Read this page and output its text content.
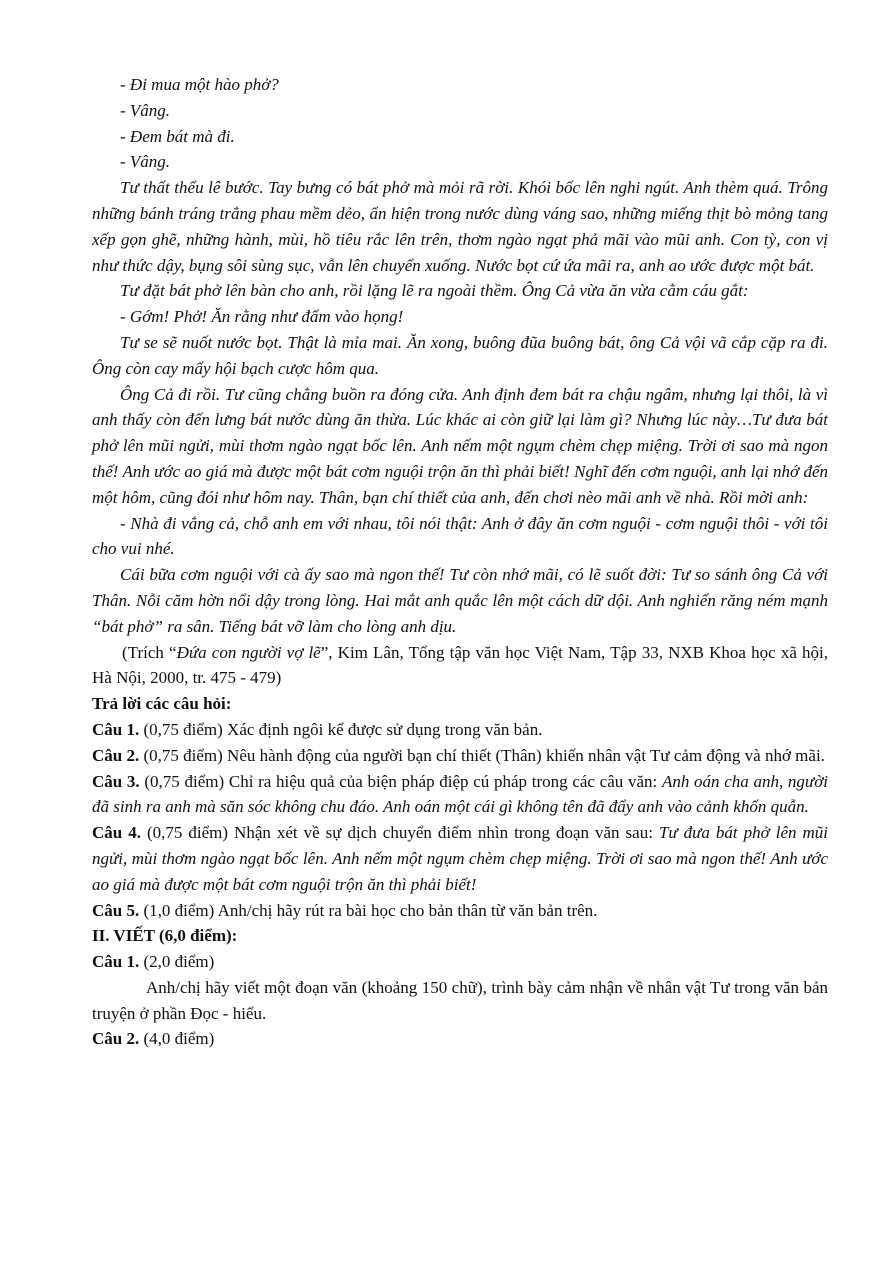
- Đi mua một hào phở?

- Vâng.

- Đem bát mà đi.

- Vâng.

Tư thất thểu lê bước. Tay bưng có bát phở mà mỏi rã rời. Khói bốc lên nghi ngút. Anh thèm quá. Trông những bánh tráng trắng phau mềm dẻo, ẩn hiện trong nước dùng váng sao, những miếng thịt bò mỏng tang xếp gọn ghẽ, những hành, mùi, hồ tiêu rắc lên trên, thơm ngào ngạt phả mãi vào mũi anh. Con tỳ, con vị như thức dậy, bụng sôi sùng sục, vẫn lên chuyển xuống. Nước bọt cứ ứa mãi ra, anh ao ước được một bát.

Tư đặt bát phở lên bàn cho anh, rồi lặng lẽ ra ngoài thềm. Ông Cả vừa ăn vừa cằm cáu gắt:

- Gớm! Phở! Ăn rằng như đấm vào họng!

Tư se sẽ nuốt nước bọt. Thật là mỉa mai. Ăn xong, buông đũa buông bát, ông Cả vội vã cắp cặp ra đi. Ông còn cay mấy hội bạch cược hôm qua.

Ông Cả đi rồi. Tư cũng chẳng buồn ra đóng cửa. Anh định đem bát ra chậu ngâm, nhưng lại thôi, là vì anh thấy còn đến lưng bát nước dùng ăn thừa. Lúc khác ai còn giữ lại làm gì? Nhưng lúc này…Tư đưa bát phở lên mũi ngửi, mùi thơm ngào ngạt bốc lên. Anh nếm một ngụm chèm chẹp miệng. Trời ơi sao mà ngon thế! Anh ước ao giá mà được một bát cơm nguội trộn ăn thì phải biết! Nghĩ đến cơm nguội, anh lại nhớ đến một hôm, cũng đói như hôm nay. Thân, bạn chí thiết của anh, đến chơi nèo mãi anh về nhà. Rồi mời anh:

- Nhà đi vắng cả, chỗ anh em với nhau, tôi nói thật: Anh ở đây ăn cơm nguội - cơm nguội thôi - với tôi cho vui nhé.

Cái bữa cơm nguội với cà ấy sao mà ngon thế! Tư còn nhớ mãi, có lẽ suốt đời: Tư so sánh ông Cả với Thân. Nỗi căm hờn nổi dậy trong lòng. Hai mắt anh quắc lên một cách dữ dội. Anh nghiến răng ném mạnh “bát phở” ra sân. Tiếng bát vỡ làm cho lòng anh dịu.

(Trích “Đứa con người vợ lẽ”, Kim Lân, Tổng tập văn học Việt Nam, Tập 33, NXB Khoa học xã hội, Hà Nội, 2000, tr. 475 - 479)

Trả lời các câu hỏi:

Câu 1. (0,75 điểm) Xác định ngôi kể được sử dụng trong văn bản.

Câu 2. (0,75 điểm) Nêu hành động của người bạn chí thiết (Thân) khiến nhân vật Tư cảm động và nhớ mãi.

Câu 3. (0,75 điểm) Chỉ ra hiệu quả của biện pháp điệp cú pháp trong các câu văn: Anh oán cha anh, người đã sinh ra anh mà săn sóc không chu đáo. Anh oán một cái gì không tên đã đẩy anh vào cảnh khốn quẫn.

Câu 4. (0,75 điểm) Nhận xét về sự dịch chuyển điểm nhìn trong đoạn văn sau: Tư đưa bát phở lên mũi ngửi, mùi thơm ngào ngạt bốc lên. Anh nếm một ngụm chèm chẹp miệng. Trời ơi sao mà ngon thế! Anh ước ao giá mà được một bát cơm nguội trộn ăn thì phải biết!

Câu 5. (1,0 điểm) Anh/chị hãy rút ra bài học cho bản thân từ văn bản trên.

II. VIẾT (6,0 điểm):

Câu 1. (2,0 điểm)

Anh/chị hãy viết một đoạn văn (khoảng 150 chữ), trình bày cảm nhận về nhân vật Tư trong văn bản truyện ở phần Đọc - hiểu.

Câu 2. (4,0 điểm)
